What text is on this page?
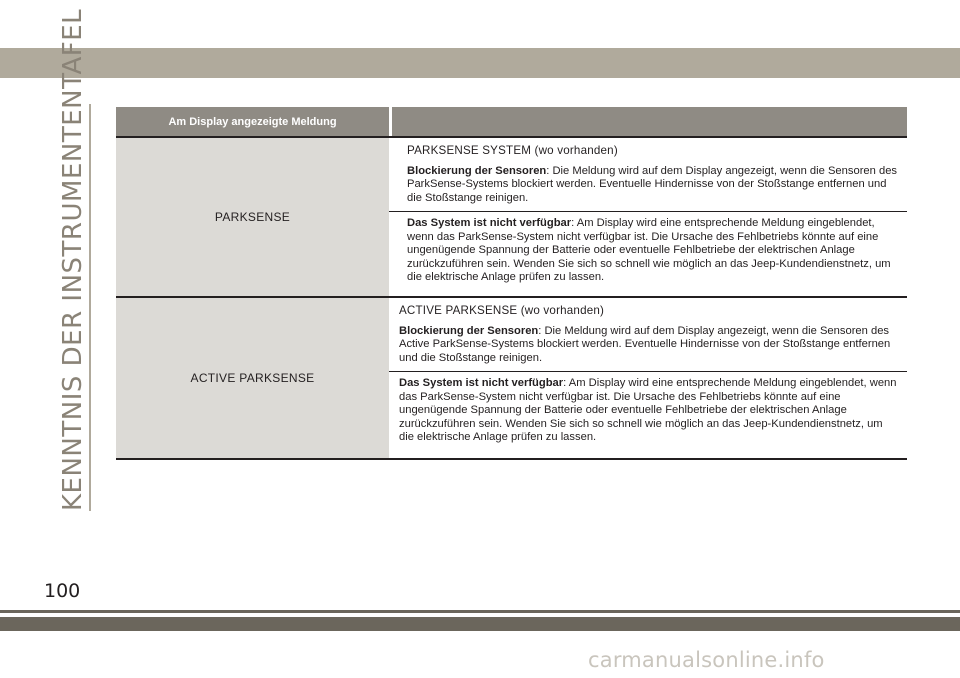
KENNTNIS DER INSTRUMENTENTAFEL	Am Display angezeigte Meldung
PARKSENSE

PARKSENSE SYSTEM (wo vorhanden)

Blockierung der Sensoren: Die Meldung wird auf dem Display angezeigt, wenn die Sensoren des ParkSense-Systems blockiert werden. Eventuelle Hindernisse von der Stoßstange entfernen und die Stoßstange reinigen.

Das System ist nicht verfügbar: Am Display wird eine entsprechende Meldung eingeblendet, wenn das ParkSense-System nicht verfügbar ist. Die Ursache des Fehlbetriebs könnte auf eine ungenügende Spannung der Batterie oder eventuelle Fehlbetriebe der elektrischen Anlage zurückzuführen sein. Wenden Sie sich so schnell wie möglich an das Jeep-Kundendienstnetz, um die elektrische Anlage prüfen zu lassen.

ACTIVE PARKSENSE

ACTIVE PARKSENSE (wo vorhanden)

Blockierung der Sensoren: Die Meldung wird auf dem Display angezeigt, wenn die Sensoren des Active ParkSense-Systems blockiert werden. Eventuelle Hindernisse von der Stoßstange entfernen und die Stoßstange reinigen.

Das System ist nicht verfügbar: Am Display wird eine entsprechende Meldung eingeblendet, wenn das ParkSense-System nicht verfügbar ist. Die Ursache des Fehlbetriebs könnte auf eine ungenügende Spannung der Batterie oder eventuelle Fehlbetriebe der elektrischen Anlage zurückzuführen sein. Wenden Sie sich so schnell wie möglich an das Jeep-Kundendienstnetz, um die elektrische Anlage prüfen zu lassen.

100
carmanualsonline.info
